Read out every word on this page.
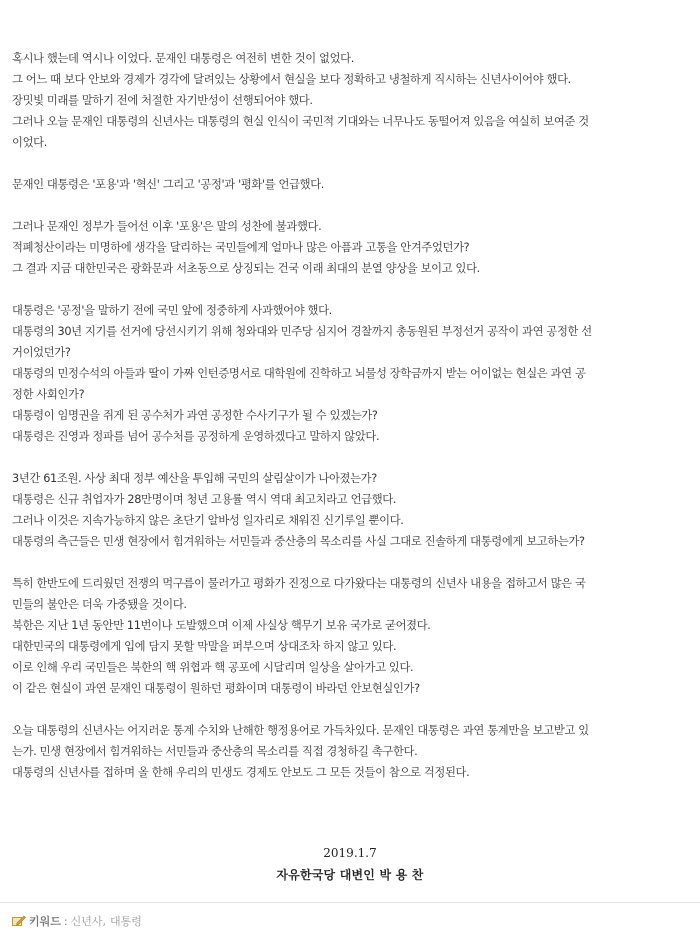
혹시나 했는데 역시나 이었다. 문재인 대통령은 여전히 변한 것이 없었다.
그 어느 때 보다 안보와 경제가 경각에 달려있는 상황에서 현실을 보다 정확하고 냉철하게 직시하는 신년사이어야 했다.
장밋빛 미래를 말하기 전에 처절한 자기반성이 선행되어야 했다.
그러나 오늘 문재인 대통령의 신년사는 대통령의 현실 인식이 국민적 기대와는 너무나도 동떨어져 있음을 여실히 보여준 것
이었다.
문재인 대통령은 '포용'과 '혁신' 그리고 '공정'과 '평화'를 언급했다.
그러나 문재인 정부가 들어선 이후 '포용'은 말의 성찬에 불과했다.
적폐청산이라는 미명하에 생각을 달리하는 국민들에게 얼마나 많은 아픔과 고통을 안겨주었던가?
그 결과 지금 대한민국은 광화문과 서초동으로 상징되는 건국 이래 최대의 분열 양상을 보이고 있다.
대통령은 '공정'을 말하기 전에 국민 앞에 정중하게 사과했어야 했다.
대통령의 30년 지기를 선거에 당선시키기 위해 청와대와 민주당 심지어 경찰까지 총동원된 부정선거 공작이 과연 공정한 선
거이었던가?
대통령의 민정수석의 아들과 딸이 가짜 인턴증명서로 대학원에 진학하고 뇌물성 장학금까지 받는 어이없는 현실은 과연 공
정한 사회인가?
대통령이 임명권을 쥐게 된 공수처가 과연 공정한 수사기구가 될 수 있겠는가?
대통령은 진영과 정파를 넘어 공수처를 공정하게 운영하겠다고 말하지 않았다.
3년간 61조원. 사상 최대 정부 예산을 투입해 국민의 살림살이가 나아졌는가?
대통령은 신규 취업자가 28만명이며 청년 고용률 역시 역대 최고치라고 언급했다.
그러나 이것은 지속가능하지 않은 초단기 알바성 일자리로 채워진 신기루일 뿐이다.
대통령의 측근들은 민생 현장에서 힘겨워하는 서민들과 중산층의 목소리를 사실 그대로 진솔하게 대통령에게 보고하는가?
특히 한반도에 드리웠던 전쟁의 먹구름이 물러가고 평화가 진정으로 다가왔다는 대통령의 신년사 내용을 접하고서 많은 국
민들의 불안은 더욱 가중됐을 것이다.
북한은 지난 1년 동안만 11번이나 도발했으며 이제 사실상 핵무기 보유 국가로 굳어졌다.
대한민국의 대통령에게 입에 담지 못할 막말을 퍼부으며 상대조차 하지 않고 있다.
이로 인해 우리 국민들은 북한의 핵 위협과 핵 공포에 시달리며 일상을 살아가고 있다.
이 같은 현실이 과연 문재인 대통령이 원하던 평화이며 대통령이 바라던 안보현실인가?
오늘 대통령의 신년사는 어지러운 통계 수치와 난해한 행정용어로 가득차있다. 문재인 대통령은 과연 통계만을 보고받고 있
는가. 민생 현장에서 힘겨워하는 서민들과 중산층의 목소리를 직접 경청하길 촉구한다.
대통령의 신년사를 접하며 올 한해 우리의 민생도 경제도 안보도 그 모든 것들이 참으로 걱정된다.
2019.1.7
자유한국당 대변인 박 용 찬
키워드 : 신년사, 대통령
